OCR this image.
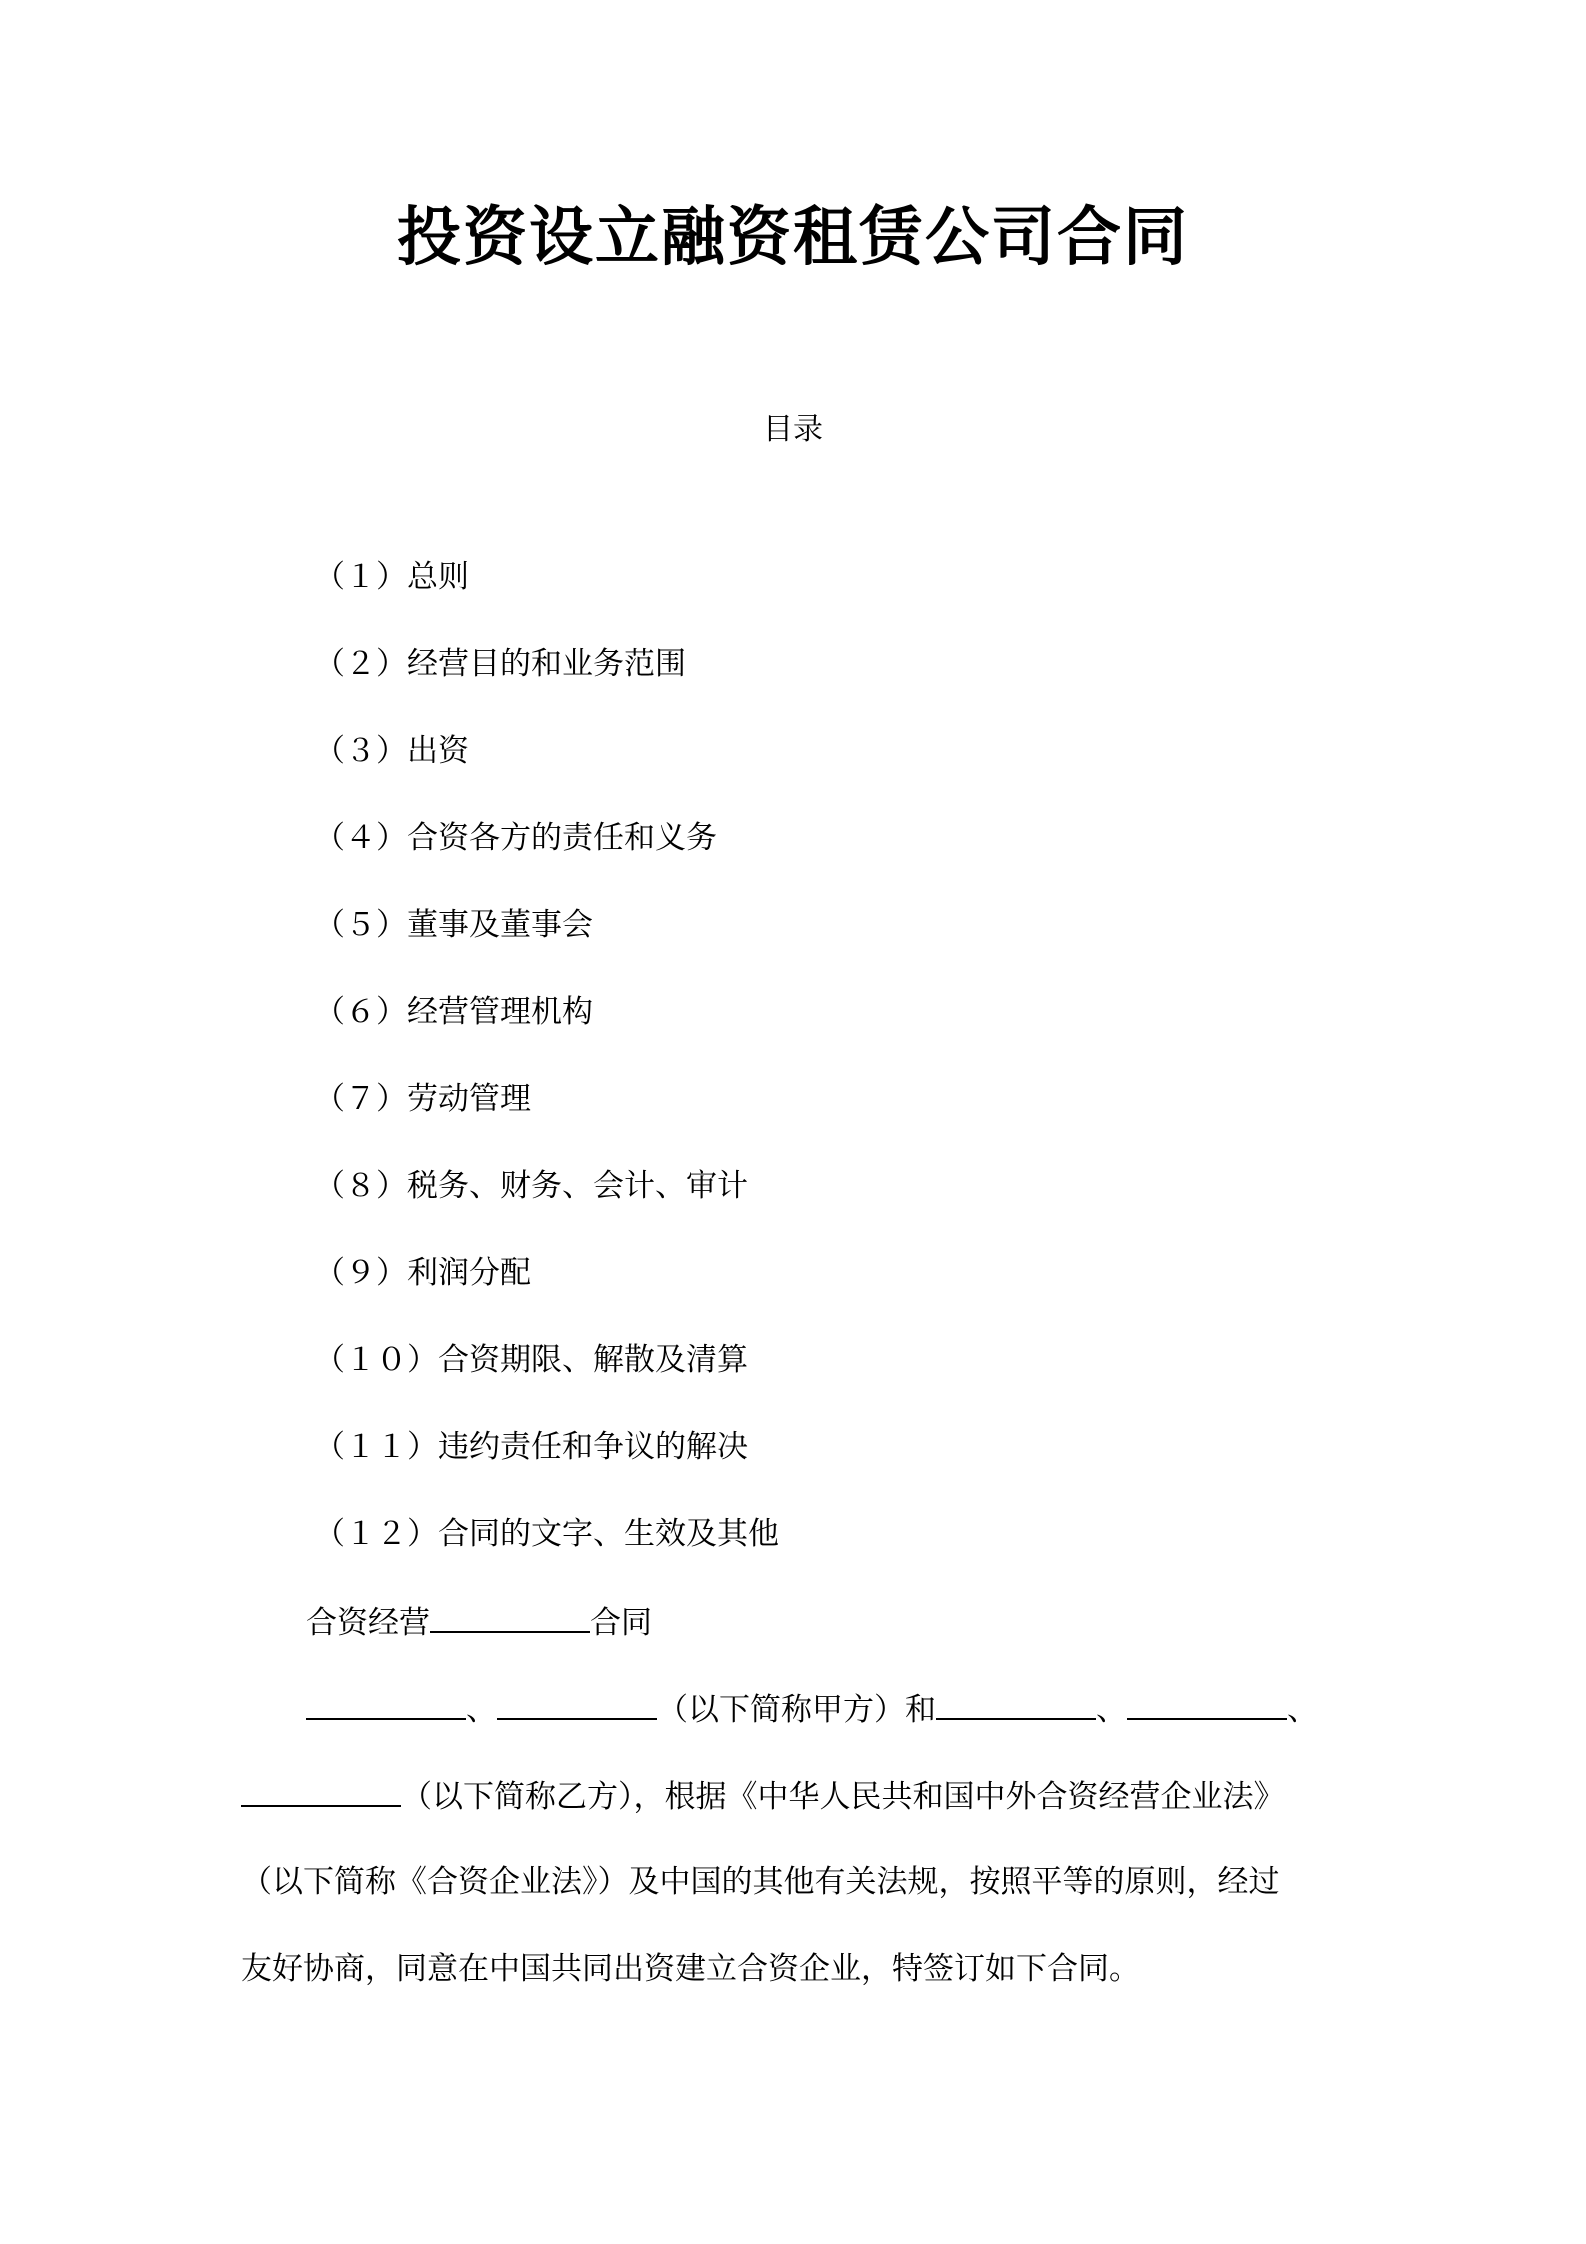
投资设立融资租赁公司合同
目录
（１）总则
（２）经营目的和业务范围
（３）出资
（４）合资各方的责任和义务
（５）董事及董事会
（６）经营管理机构
（７）劳动管理
（８）税务、财务、会计、审计
（９）利润分配
（１０）合资期限、解散及清算
（１１）违约责任和争议的解决
（１２）合同的文字、生效及其他
合资经营	合同
、	（以下简称甲方）和	、	、
（以下简称乙方），根据《中华人民共和国中外合资经营企业法》
（以下简称《合资企业法》）及中国的其他有关法规，按照平等的原则，经过
友好协商，同意在中国共同出资建立合资企业，特签订如下合同。
